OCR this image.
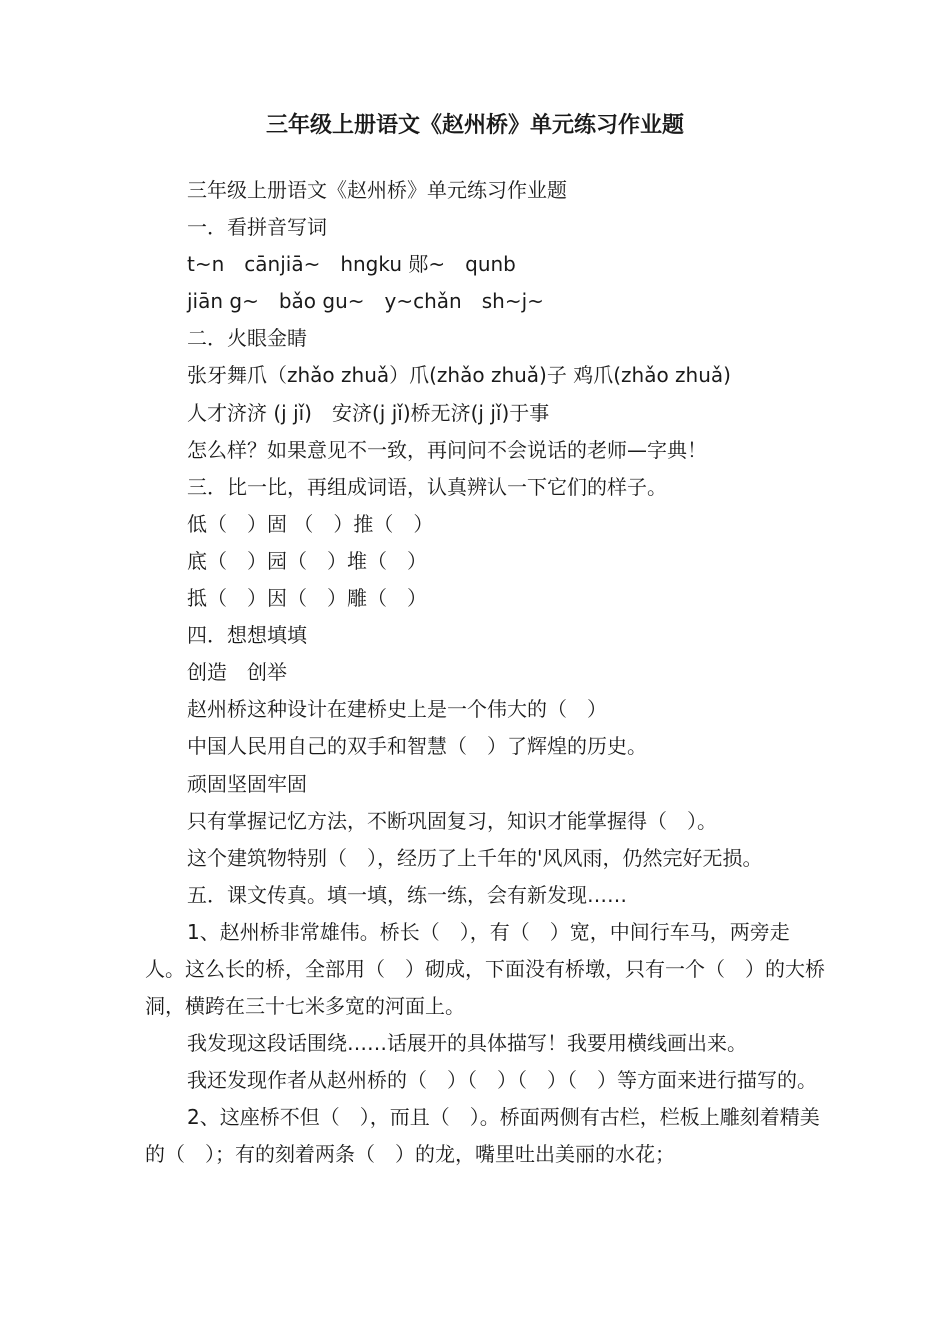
三年级上册语文《赵州桥》单元练习作业题

三年级上册语文《赵州桥》单元练习作业题

一．看拼音写词

t~n　cānjiā~　hngku 郧~　qunb

jiān g~　bǎo gu~　y~chǎn　sh~j~

二．火眼金睛

张牙舞爪（zhǎo zhuǎ）爪(zhǎo zhuǎ)子 鸡爪(zhǎo zhuǎ)

人才济济 (j jǐ)　安济(j jǐ)桥无济(j jǐ)于事

怎么样？如果意见不一致，再问问不会说话的老师—字典！

三．比一比，再组成词语，认真辨认一下它们的样子。

低（　）固 （　）推（　）

底（　）园（　）堆（　）

抵（　）因（　）雕（　）

四．想想填填

创造　创举

赵州桥这种设计在建桥史上是一个伟大的（　）

中国人民用自己的双手和智慧（　）了辉煌的历史。

顽固坚固牢固

只有掌握记忆方法，不断巩固复习，知识才能掌握得（　）。

这个建筑物特别（　），经历了上千年的'风风雨，仍然完好无损。

五．课文传真。填一填，练一练，会有新发现……

1、赵州桥非常雄伟。桥长（　），有（　）宽，中间行车马，两旁走人。这么长的桥，全部用（　）砌成，下面没有桥墩，只有一个（　）的大桥洞，横跨在三十七米多宽的河面上。

我发现这段话围绕……话展开的具体描写！我要用横线画出来。

我还发现作者从赵州桥的（　）（　）（　）（　）等方面来进行描写的。

2、这座桥不但（　），而且（　）。桥面两侧有古栏，栏板上雕刻着精美的（　）；有的刻着两条（　）的龙，嘴里吐出美丽的水花；
